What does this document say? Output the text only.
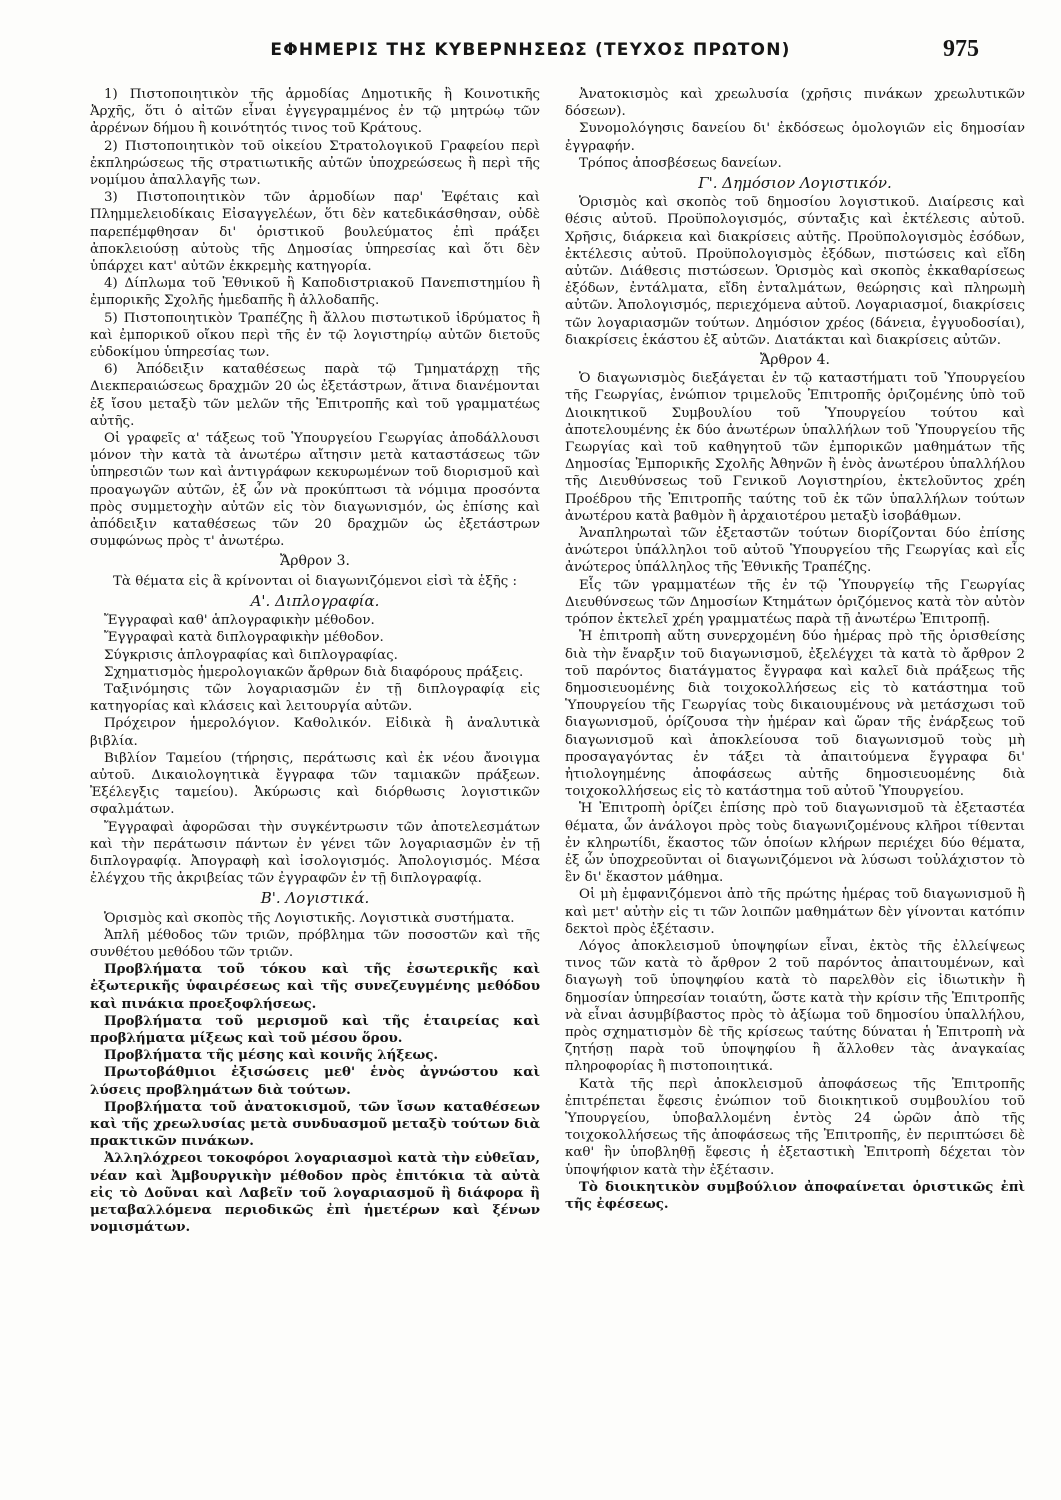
ΕΦΗΜΕΡΙΣ ΤΗΣ ΚΥΒΕΡΝΗΣΕΩΣ (ΤΕΥΧΟΣ ΠΡΩΤΟΝ)	975

1) Πιστοποιητικὸν τῆς ἁρμοδίας Δημοτικῆς ἢ Κοινοτικῆς Ἀρχῆς, ὅτι ὁ αἰτῶν εἶναι ἐγγεγραμμένος ἐν τῷ μητρώῳ τῶν ἀρρένων δήμου ἢ κοινότητός τινος τοῦ Κράτους.

2) Πιστοποιητικὸν τοῦ οἰκείου Στρατολογικοῦ Γραφείου περὶ ἐκπληρώσεως τῆς στρατιωτικῆς αὐτῶν ὑποχρεώσεως ἢ περὶ τῆς νομίμου ἀπαλλαγῆς των.

3) Πιστοποιητικὸν τῶν ἁρμοδίων παρ' Ἐφέταις καὶ Πλημμελειοδίκαις Εἰσαγγελέων, ὅτι δὲν κατεδικάσθησαν, οὐδὲ παρεπέμφθησαν δι' ὁριστικοῦ βουλεύματος ἐπὶ πράξει ἀποκλειούσῃ αὐτοὺς τῆς Δημοσίας ὑπηρεσίας καὶ ὅτι δὲν ὑπάρχει κατ' αὐτῶν ἐκκρεμὴς κατηγορία.

4) Δίπλωμα τοῦ Ἐθνικοῦ ἢ Καποδιστριακοῦ Πανεπιστημίου ἢ ἐμπορικῆς Σχολῆς ἡμεδαπῆς ἢ ἀλλοδαπῆς.

5) Πιστοποιητικὸν Τραπέζης ἢ ἄλλου πιστωτικοῦ ἱδρύματος ἢ καὶ ἐμπορικοῦ οἴκου περὶ τῆς ἐν τῷ λογιστηρίῳ αὐτῶν διετοῦς εὐδοκίμου ὑπηρεσίας των.

6) Ἀπόδειξιν καταθέσεως παρὰ τῷ Τμηματάρχῃ τῆς Διεκπεραιώσεως δραχμῶν 20 ὡς ἐξετάστρων, ἅτινα διανέμονται ἐξ ἴσου μεταξὺ τῶν μελῶν τῆς Ἐπιτροπῆς καὶ τοῦ γραμματέως αὐτῆς.

Οἱ γραφεῖς α' τάξεως τοῦ Ὑπουργείου Γεωργίας ἀποδάλλουσι μόνον τὴν κατὰ τὰ ἀνωτέρω αἴτησιν μετὰ καταστάσεως τῶν ὑπηρεσιῶν των καὶ ἀντιγράφων κεκυρωμένων τοῦ διορισμοῦ καὶ προαγωγῶν αὐτῶν, ἐξ ὧν νὰ προκύπτωσι τὰ νόμιμα προσόντα πρὸς συμμετοχὴν αὐτῶν εἰς τὸν διαγωνισμόν, ὡς ἐπίσης καὶ ἀπόδειξιν καταθέσεως τῶν 20 δραχμῶν ὡς ἐξετάστρων συμφώνως πρὸς τ' ἀνωτέρω.

Ἄρθρον 3.
Τὰ θέματα εἰς ἃ κρίνονται οἱ διαγωνιζόμενοι εἰσὶ τὰ ἑξῆς :
Α'. Διπλογραφία.

Ἔγγραφαὶ καθ' ἁπλογραφικὴν μέθοδον.

Ἔγγραφαὶ κατὰ διπλογραφικὴν μέθοδον.

Σύγκρισις ἁπλογραφίας καὶ διπλογραφίας.

Σχηματισμὸς ἡμερολογιακῶν ἄρθρων διὰ διαφόρους πράξεις.

Ταξινόμησις τῶν λογαριασμῶν ἐν τῇ διπλογραφίᾳ εἰς κατηγορίας καὶ κλάσεις καὶ λειτουργία αὐτῶν.

Πρόχειρον ἡμερολόγιον. Καθολικόν. Εἰδικὰ ἢ ἀναλυτικὰ βιβλία.

Βιβλίον Ταμείου (τήρησις, περάτωσις καὶ ἐκ νέου ἄνοιγμα αὐτοῦ. Δικαιολογητικὰ ἔγγραφα τῶν ταμιακῶν πράξεων. Ἐξέλεγξις ταμείου). Ἀκύρωσις καὶ διόρθωσις λογιστικῶν σφαλμάτων.

Ἔγγραφαὶ ἀφορῶσαι τὴν συγκέντρωσιν τῶν ἀποτελεσμάτων καὶ τὴν περάτωσιν πάντων ἐν γένει τῶν λογαριασμῶν ἐν τῇ διπλογραφίᾳ. Ἀπογραφὴ καὶ ἰσολογισμός. Ἀπολογισμός. Μέσα ἐλέγχου τῆς ἀκριβείας τῶν ἐγγραφῶν ἐν τῇ διπλογραφίᾳ.

Β'. Λογιστικά.

Ὁρισμὸς καὶ σκοπὸς τῆς Λογιστικῆς. Λογιστικὰ συστήματα.

Ἁπλῆ μέθοδος τῶν τριῶν, πρόβλημα τῶν ποσοστῶν καὶ τῆς συνθέτου μεθόδου τῶν τριῶν.

Προβλήματα τοῦ τόκου καὶ τῆς ἐσωτερικῆς καὶ ἐξωτερικῆς ὑφαιρέσεως καὶ τῆς συνεζευγμένης μεθόδου καὶ πινάκια προεξοφλήσεως.

Προβλήματα τοῦ μερισμοῦ καὶ τῆς ἑταιρείας καὶ προβλήματα μίξεως καὶ τοῦ μέσου ὅρου.

Προβλήματα τῆς μέσης καὶ κοινῆς λήξεως.

Πρωτοβάθμιοι ἐξισώσεις μεθ' ἑνὸς ἀγνώστου καὶ λύσεις προβλημάτων διὰ τούτων.

Προβλήματα τοῦ ἀνατοκισμοῦ, τῶν ἴσων καταθέσεων καὶ τῆς χρεωλυσίας μετὰ συνδυασμοῦ μεταξὺ τούτων διὰ πρακτικῶν πινάκων.

Ἀλληλόχρεοι τοκοφόροι λογαριασμοὶ κατὰ τὴν εὐθεῖαν, νέαν καὶ Ἀμβουργικὴν μέθοδον πρὸς ἐπιτόκια τὰ αὐτὰ εἰς τὸ Δοῦναι καὶ Λαβεῖν τοῦ λογαριασμοῦ ἢ διάφορα ἢ μεταβαλλόμενα περιοδικῶς ἐπὶ ἡμετέρων καὶ ξένων νομισμάτων.

Ἀνατοκισμὸς καὶ χρεωλυσία (χρῆσις πινάκων χρεωλυτικῶν δόσεων).

Συνομολόγησις δανείου δι' ἐκδόσεως ὁμολογιῶν εἰς δημοσίαν ἐγγραφήν.

Τρόπος ἀποσβέσεως δανείων.

Γ'. Δημόσιον Λογιστικόν.

Ὁρισμὸς καὶ σκοπὸς τοῦ δημοσίου λογιστικοῦ. Διαίρεσις καὶ θέσις αὐτοῦ. Προϋπολογισμός, σύνταξις καὶ ἐκτέλεσις αὐτοῦ. Χρῆσις, διάρκεια καὶ διακρίσεις αὐτῆς. Προϋπολογισμὸς ἐσόδων, ἐκτέλεσις αὐτοῦ. Προϋπολογισμὸς ἐξόδων, πιστώσεις καὶ εἴδη αὐτῶν. Διάθεσις πιστώσεων. Ὁρισμὸς καὶ σκοπὸς ἐκκαθαρίσεως ἐξόδων, ἐντάλματα, εἴδη ἐνταλμάτων, θεώρησις καὶ πληρωμὴ αὐτῶν. Ἀπολογισμός, περιεχόμενα αὐτοῦ. Λογαριασμοί, διακρίσεις τῶν λογαριασμῶν τούτων. Δημόσιον χρέος (δάνεια, ἐγγυοδοσίαι), διακρίσεις ἑκάστου ἐξ αὐτῶν. Διατάκται καὶ διακρίσεις αὐτῶν.

Ἄρθρον 4.

Ὁ διαγωνισμὸς διεξάγεται ἐν τῷ καταστήματι τοῦ Ὑπουργείου τῆς Γεωργίας, ἐνώπιον τριμελοῦς Ἐπιτροπῆς ὁριζομένης ὑπὸ τοῦ Διοικητικοῦ Συμβουλίου τοῦ Ὑπουργείου τούτου καὶ ἀποτελουμένης ἐκ δύο ἀνωτέρων ὑπαλλήλων τοῦ Ὑπουργείου τῆς Γεωργίας καὶ τοῦ καθηγητοῦ τῶν ἐμπορικῶν μαθημάτων τῆς Δημοσίας Ἐμπορικῆς Σχολῆς Ἀθηνῶν ἢ ἑνὸς ἀνωτέρου ὑπαλλήλου τῆς Διευθύνσεως τοῦ Γενικοῦ Λογιστηρίου, ἐκτελοῦντος χρέη Προέδρου τῆς Ἐπιτροπῆς ταύτης τοῦ ἐκ τῶν ὑπαλλήλων τούτων ἀνωτέρου κατὰ βαθμὸν ἢ ἀρχαιοτέρου μεταξὺ ἰσοβάθμων.

Ἀναπληρωταὶ τῶν ἐξεταστῶν τούτων διορίζονται δύο ἐπίσης ἀνώτεροι ὑπάλληλοι τοῦ αὐτοῦ Ὑπουργείου τῆς Γεωργίας καὶ εἷς ἀνώτερος ὑπάλληλος τῆς Ἐθνικῆς Τραπέζης.

Εἷς τῶν γραμματέων τῆς ἐν τῷ Ὑπουργείῳ τῆς Γεωργίας Διευθύνσεως τῶν Δημοσίων Κτημάτων ὁριζόμενος κατὰ τὸν αὐτὸν τρόπον ἐκτελεῖ χρέη γραμματέως παρὰ τῇ ἀνωτέρω Ἐπιτροπῇ.

Ἡ ἐπιτροπὴ αὕτη συνερχομένη δύο ἡμέρας πρὸ τῆς ὁρισθείσης διὰ τὴν ἔναρξιν τοῦ διαγωνισμοῦ, ἐξελέγχει τὰ κατὰ τὸ ἄρθρον 2 τοῦ παρόντος διατάγματος ἔγγραφα καὶ καλεῖ διὰ πράξεως τῆς δημοσιευομένης διὰ τοιχοκολλήσεως εἰς τὸ κατάστημα τοῦ Ὑπουργείου τῆς Γεωργίας τοὺς δικαιουμένους νὰ μετάσχωσι τοῦ διαγωνισμοῦ, ὁρίζουσα τὴν ἡμέραν καὶ ὥραν τῆς ἐνάρξεως τοῦ διαγωνισμοῦ καὶ ἀποκλείουσα τοῦ διαγωνισμοῦ τοὺς μὴ προσαγαγόντας ἐν τάξει τὰ ἀπαιτούμενα ἔγγραφα δι' ἠτιολογημένης ἀποφάσεως αὐτῆς δημοσιευομένης διὰ τοιχοκολλήσεως εἰς τὸ κατάστημα τοῦ αὐτοῦ Ὑπουργείου.

Ἡ Ἐπιτροπὴ ὁρίζει ἐπίσης πρὸ τοῦ διαγωνισμοῦ τὰ ἐξεταστέα θέματα, ὧν ἀνάλογοι πρὸς τοὺς διαγωνιζομένους κλῆροι τίθενται ἐν κληρωτίδι, ἕκαστος τῶν ὁποίων κλήρων περιέχει δύο θέματα, ἐξ ὧν ὑποχρεοῦνται οἱ διαγωνιζόμενοι νὰ λύσωσι τοὐλάχιστον τὸ ἓν δι' ἕκαστον μάθημα.

Οἱ μὴ ἐμφανιζόμενοι ἀπὸ τῆς πρώτης ἡμέρας τοῦ διαγωνισμοῦ ἢ καὶ μετ' αὐτὴν εἰς τι τῶν λοιπῶν μαθημάτων δὲν γίνονται κατόπιν δεκτοὶ πρὸς ἐξέτασιν.

Λόγος ἀποκλεισμοῦ ὑποψηφίων εἶναι, ἐκτὸς τῆς ἐλλείψεως τινος τῶν κατὰ τὸ ἄρθρον 2 τοῦ παρόντος ἀπαιτουμένων, καὶ διαγωγὴ τοῦ ὑποψηφίου κατὰ τὸ παρελθὸν εἰς ἰδιωτικὴν ἢ δημοσίαν ὑπηρεσίαν τοιαύτη, ὥστε κατὰ τὴν κρίσιν τῆς Ἐπιτροπῆς νὰ εἶναι ἀσυμβίβαστος πρὸς τὸ ἀξίωμα τοῦ δημοσίου ὑπαλλήλου, πρὸς σχηματισμὸν δὲ τῆς κρίσεως ταύτης δύναται ἡ Ἐπιτροπὴ νὰ ζητήσῃ παρὰ τοῦ ὑποψηφίου ἢ ἄλλοθεν τὰς ἀναγκαίας πληροφορίας ἢ πιστοποιητικά.

Κατὰ τῆς περὶ ἀποκλεισμοῦ ἀποφάσεως τῆς Ἐπιτροπῆς ἐπιτρέπεται ἔφεσις ἐνώπιον τοῦ διοικητικοῦ συμβουλίου τοῦ Ὑπουργείου, ὑποβαλλομένη ἐντὸς 24 ὡρῶν ἀπὸ τῆς τοιχοκολλήσεως τῆς ἀποφάσεως τῆς Ἐπιτροπῆς, ἐν περιπτώσει δὲ καθ' ἣν ὑποβληθῇ ἔφεσις ἡ ἐξεταστικὴ Ἐπιτροπὴ δέχεται τὸν ὑποψήφιον κατὰ τὴν ἐξέτασιν.

Τὸ διοικητικὸν συμβούλιον ἀποφαίνεται ὁριστικῶς ἐπὶ τῆς ἐφέσεως.
